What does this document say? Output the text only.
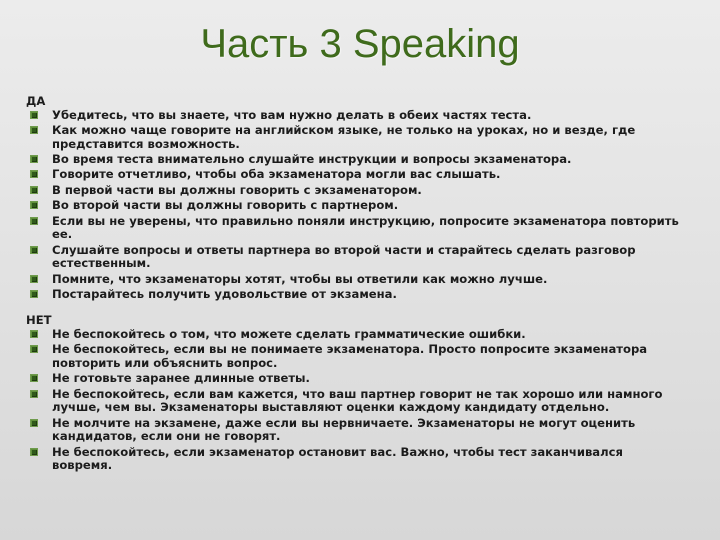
Часть 3 Speaking
ДА
Убедитесь, что вы знаете, что вам нужно делать в обеих частях теста.
Как можно чаще говорите на английском языке, не только на уроках, но и везде, где представится возможность.
Во время теста внимательно слушайте инструкции и вопросы экзаменатора.
Говорите отчетливо, чтобы оба экзаменатора могли вас слышать.
В первой части вы должны говорить с экзаменатором.
Во второй части вы должны говорить с партнером.
Если вы не уверены, что правильно поняли инструкцию, попросите экзаменатора повторить ее.
Слушайте вопросы и ответы партнера во второй части и старайтесь сделать разговор естественным.
Помните, что экзаменаторы хотят, чтобы вы ответили как можно лучше.
Постарайтесь получить удовольствие от экзамена.
НЕТ
Не беспокойтесь о том, что можете сделать грамматические ошибки.
Не беспокойтесь, если вы не понимаете экзаменатора. Просто попросите экзаменатора повторить или объяснить вопрос.
Не готовьте заранее длинные ответы.
Не беспокойтесь, если вам кажется, что ваш партнер говорит не так хорошо или намного лучше, чем вы. Экзаменаторы выставляют оценки каждому кандидату отдельно.
Не молчите на экзамене, даже если вы нервничаете. Экзаменаторы не могут оценить кандидатов, если они не говорят.
Не беспокойтесь, если экзаменатор остановит вас. Важно, чтобы тест заканчивался вовремя.
